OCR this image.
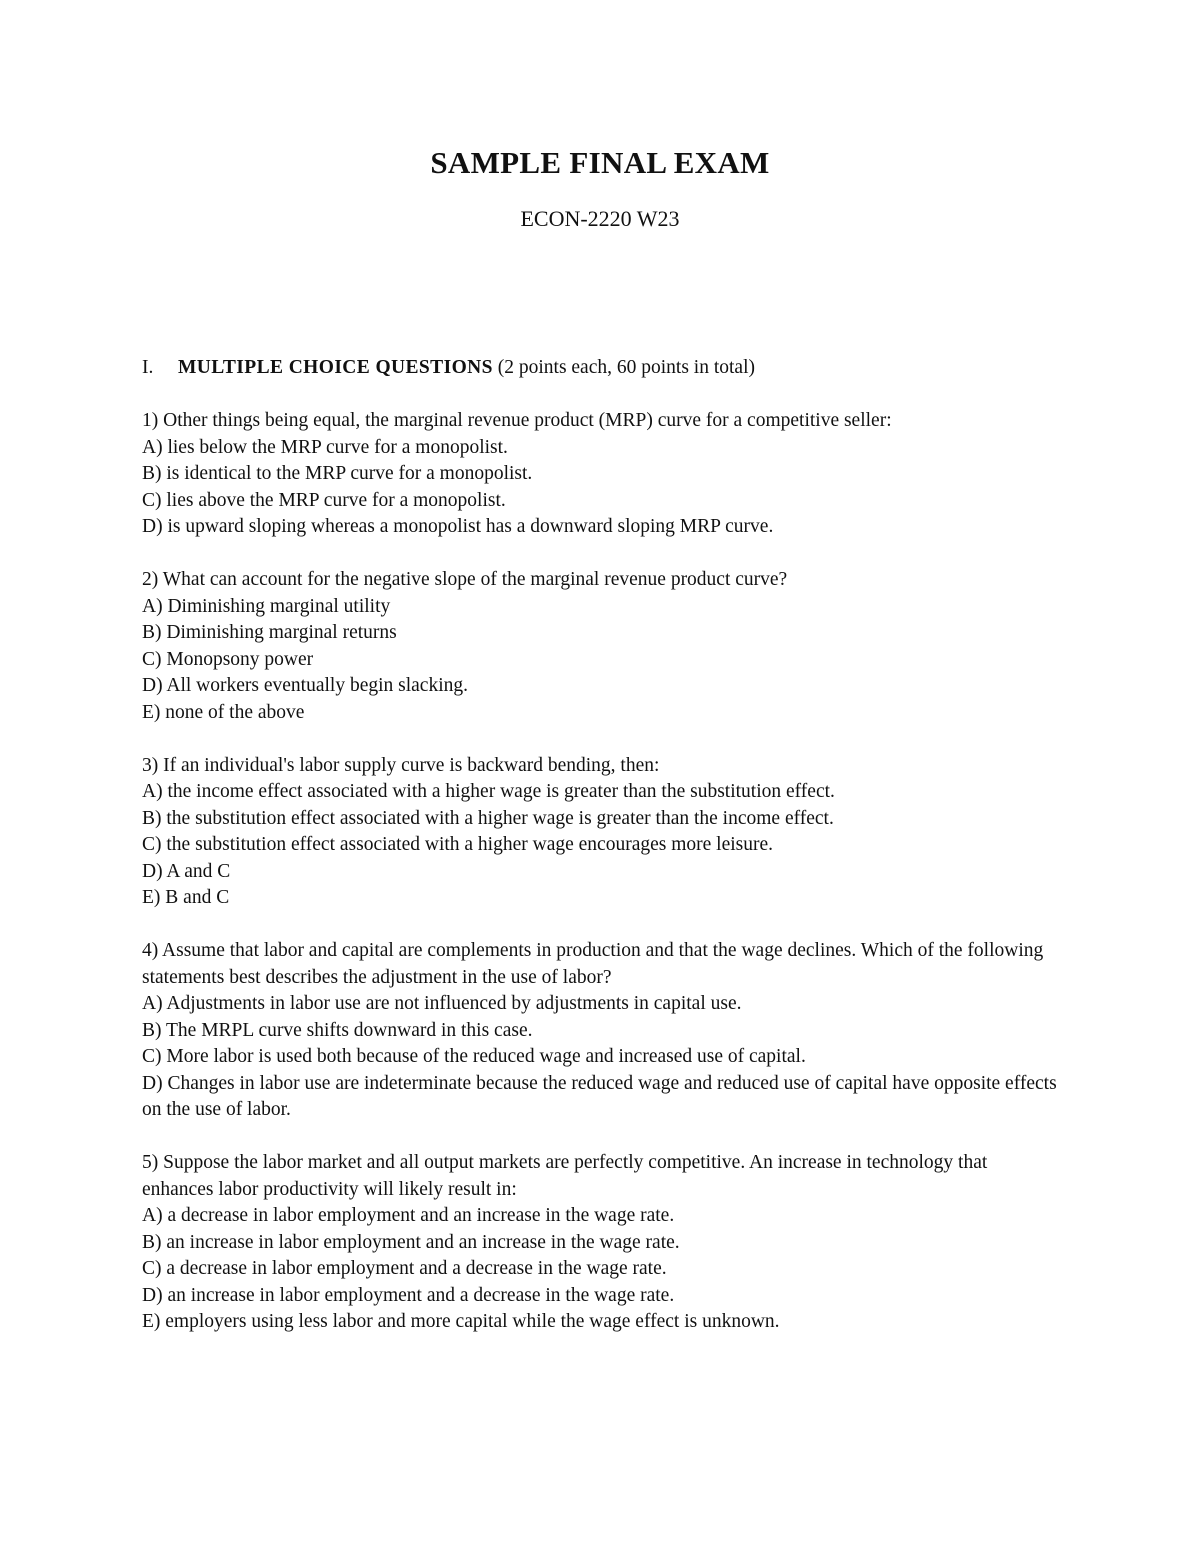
SAMPLE FINAL EXAM
ECON-2220 W23
I. MULTIPLE CHOICE QUESTIONS (2 points each, 60 points in total)

1) Other things being equal, the marginal revenue product (MRP) curve for a competitive seller:

A) lies below the MRP curve for a monopolist.

B) is identical to the MRP curve for a monopolist.

C) lies above the MRP curve for a monopolist.

D) is upward sloping whereas a monopolist has a downward sloping MRP curve.

2) What can account for the negative slope of the marginal revenue product curve?

A) Diminishing marginal utility

B) Diminishing marginal returns

C) Monopsony power

D) All workers eventually begin slacking.

E) none of the above

3) If an individual's labor supply curve is backward bending, then:

A) the income effect associated with a higher wage is greater than the substitution effect.

B) the substitution effect associated with a higher wage is greater than the income effect.

C) the substitution effect associated with a higher wage encourages more leisure.

D) A and C

E) B and C

4) Assume that labor and capital are complements in production and that the wage declines. Which of the following statements best describes the adjustment in the use of labor?

A) Adjustments in labor use are not influenced by adjustments in capital use.

B) The MRPL curve shifts downward in this case.

C) More labor is used both because of the reduced wage and increased use of capital.

D) Changes in labor use are indeterminate because the reduced wage and reduced use of capital have opposite effects on the use of labor.

5) Suppose the labor market and all output markets are perfectly competitive. An increase in technology that enhances labor productivity will likely result in:

A) a decrease in labor employment and an increase in the wage rate.

B) an increase in labor employment and an increase in the wage rate.

C) a decrease in labor employment and a decrease in the wage rate.

D) an increase in labor employment and a decrease in the wage rate.

E) employers using less labor and more capital while the wage effect is unknown.
